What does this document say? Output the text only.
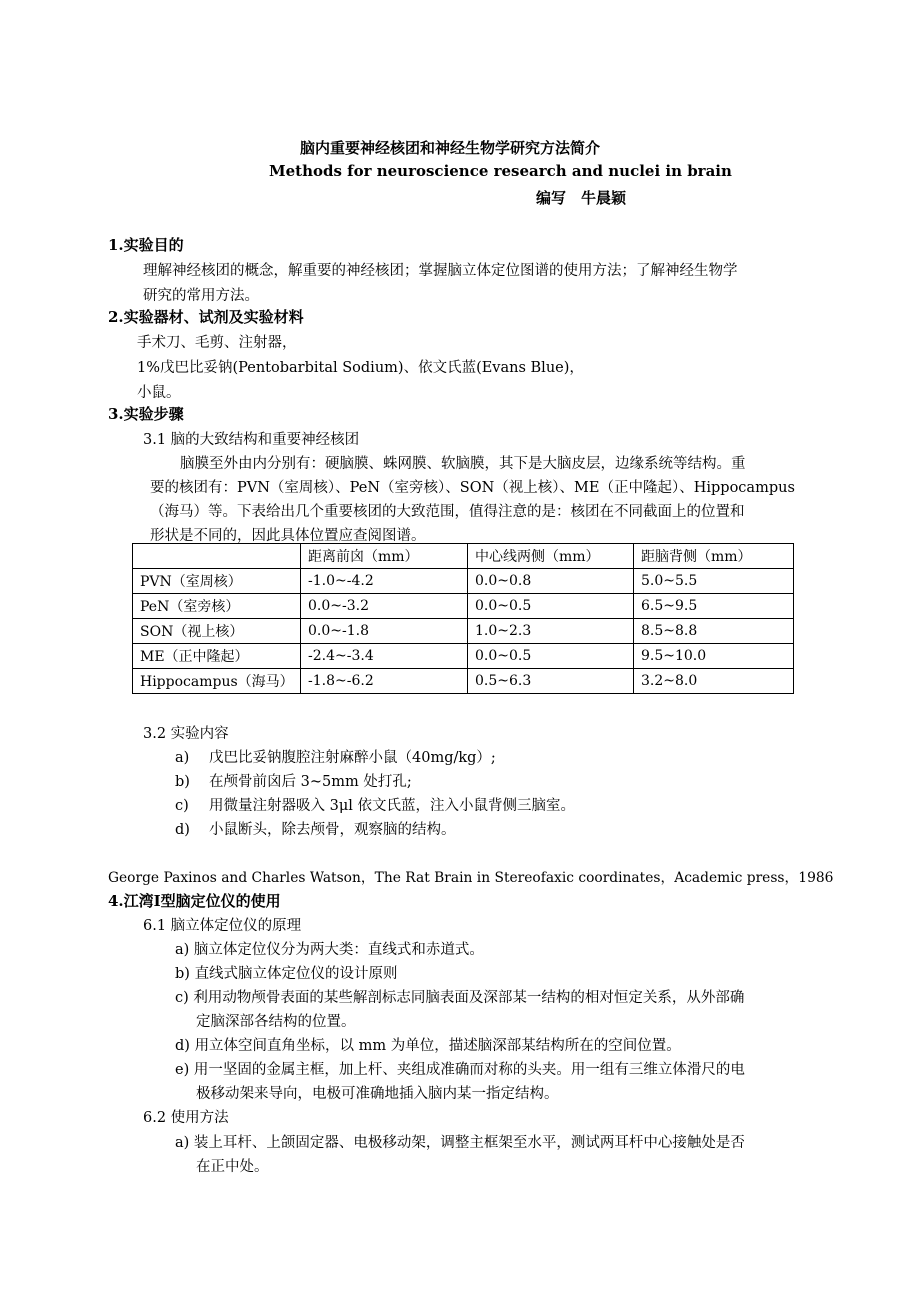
脑内重要神经核团和神经生物学研究方法简介
Methods for neuroscience research and nuclei in brain
编写　牛晨颖
1.实验目的
理解神经核团的概念，解重要的神经核团；掌握脑立体定位图谱的使用方法；了解神经生物学
研究的常用方法。
2.实验器材、试剂及实验材料
手术刀、毛剪、注射器，
1%戊巴比妥钠(Pentobarbital Sodium)、依文氏蓝(Evans Blue)，
小鼠。
3.实验步骤
3.1 脑的大致结构和重要神经核团
脑膜至外由内分别有：硬脑膜、蛛网膜、软脑膜，其下是大脑皮层，边缘系统等结构。重
要的核团有：PVN（室周核）、PeN（室旁核）、SON（视上核）、ME（正中隆起）、Hippocampus
（海马）等。下表给出几个重要核团的大致范围，值得注意的是：核团在不同截面上的位置和
形状是不同的，因此具体位置应查阅图谱。
	距离前囟（mm）	中心线两侧（mm）	距脑背侧（mm）
PVN（室周核）	-1.0~-4.2	0.0~0.8	5.0~5.5
PeN（室旁核）	0.0~-3.2	0.0~0.5	6.5~9.5
SON（视上核）	0.0~-1.8	1.0~2.3	8.5~8.8
ME（正中隆起）	-2.4~-3.4	0.0~0.5	9.5~10.0
Hippocampus（海马）	-1.8~-6.2	0.5~6.3	3.2~8.0
3.2 实验内容
a) 戊巴比妥钠腹腔注射麻醉小鼠（40mg/kg）;
b) 在颅骨前囟后 3~5mm 处打孔;
c) 用微量注射器吸入 3μl 依文氏蓝，注入小鼠背侧三脑室。
d) 小鼠断头，除去颅骨，观察脑的结构。
George Paxinos and Charles Watson，The Rat Brain in Stereofaxic coordinates，Academic press，1986
4.江湾Ⅰ型脑定位仪的使用
6.1 脑立体定位仪的原理
a) 脑立体定位仪分为两大类：直线式和赤道式。
b) 直线式脑立体定位仪的设计原则
c) 利用动物颅骨表面的某些解剖标志同脑表面及深部某一结构的相对恒定关系，从外部确
定脑深部各结构的位置。
d) 用立体空间直角坐标，以 mm 为单位，描述脑深部某结构所在的空间位置。
e) 用一坚固的金属主框，加上杆、夹组成准确而对称的头夹。用一组有三维立体滑尺的电
极移动架来导向，电极可准确地插入脑内某一指定结构。
6.2 使用方法
a) 装上耳杆、上颌固定器、电极移动架，调整主框架至水平，测试两耳杆中心接触处是否
在正中处。
